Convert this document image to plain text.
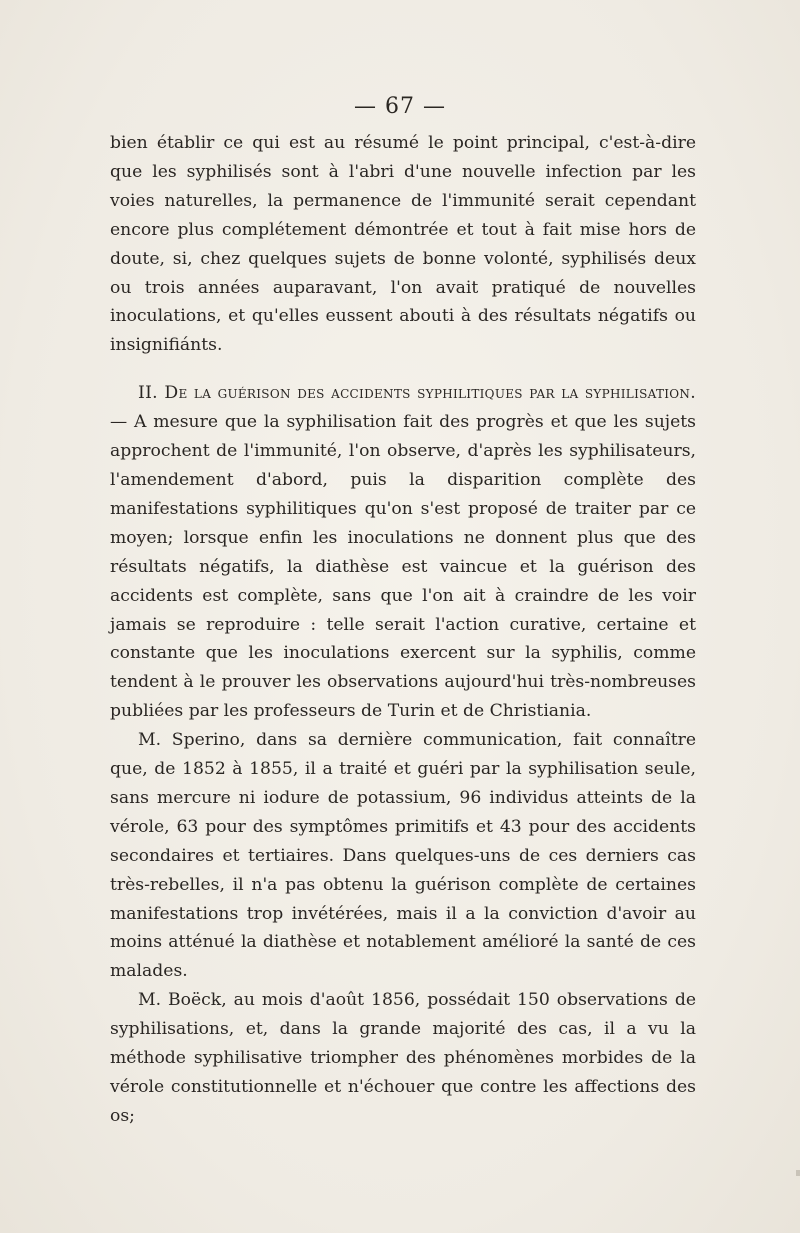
— 67 —

bien établir ce qui est au résumé le point principal, c'est-à-dire que les syphilisés sont à l'abri d'une nouvelle infection par les voies naturelles, la permanence de l'immunité serait cependant encore plus complétement démontrée et tout à fait mise hors de doute, si, chez quelques sujets de bonne volonté, syphilisés deux ou trois années auparavant, l'on avait pratiqué de nouvelles inoculations, et qu'elles eussent abouti à des résultats négatifs ou insignifiánts.

II. De la guérison des accidents syphilitiques par la syphilisation. — A mesure que la syphilisation fait des progrès et que les sujets approchent de l'immunité, l'on observe, d'après les syphilisateurs, l'amendement d'abord, puis la disparition complète des manifestations syphilitiques qu'on s'est proposé de traiter par ce moyen; lorsque enfin les inoculations ne donnent plus que des résultats négatifs, la diathèse est vaincue et la guérison des accidents est complète, sans que l'on ait à craindre de les voir jamais se reproduire : telle serait l'action curative, certaine et constante que les inoculations exercent sur la syphilis, comme tendent à le prouver les observations aujourd'hui très-nombreuses publiées par les professeurs de Turin et de Christiania.

M. Sperino, dans sa dernière communication, fait connaître que, de 1852 à 1855, il a traité et guéri par la syphilisation seule, sans mercure ni iodure de potassium, 96 individus atteints de la vérole, 63 pour des symptômes primitifs et 43 pour des accidents secondaires et tertiaires. Dans quelques-uns de ces derniers cas très-rebelles, il n'a pas obtenu la guérison complète de certaines manifestations trop invétérées, mais il a la conviction d'avoir au moins atténué la diathèse et notablement amélioré la santé de ces malades.

M. Boëck, au mois d'août 1856, possédait 150 observations de syphilisations, et, dans la grande majorité des cas, il a vu la méthode syphilisative triompher des phénomènes morbides de la vérole constitutionnelle et n'échouer que contre les affections des os;
